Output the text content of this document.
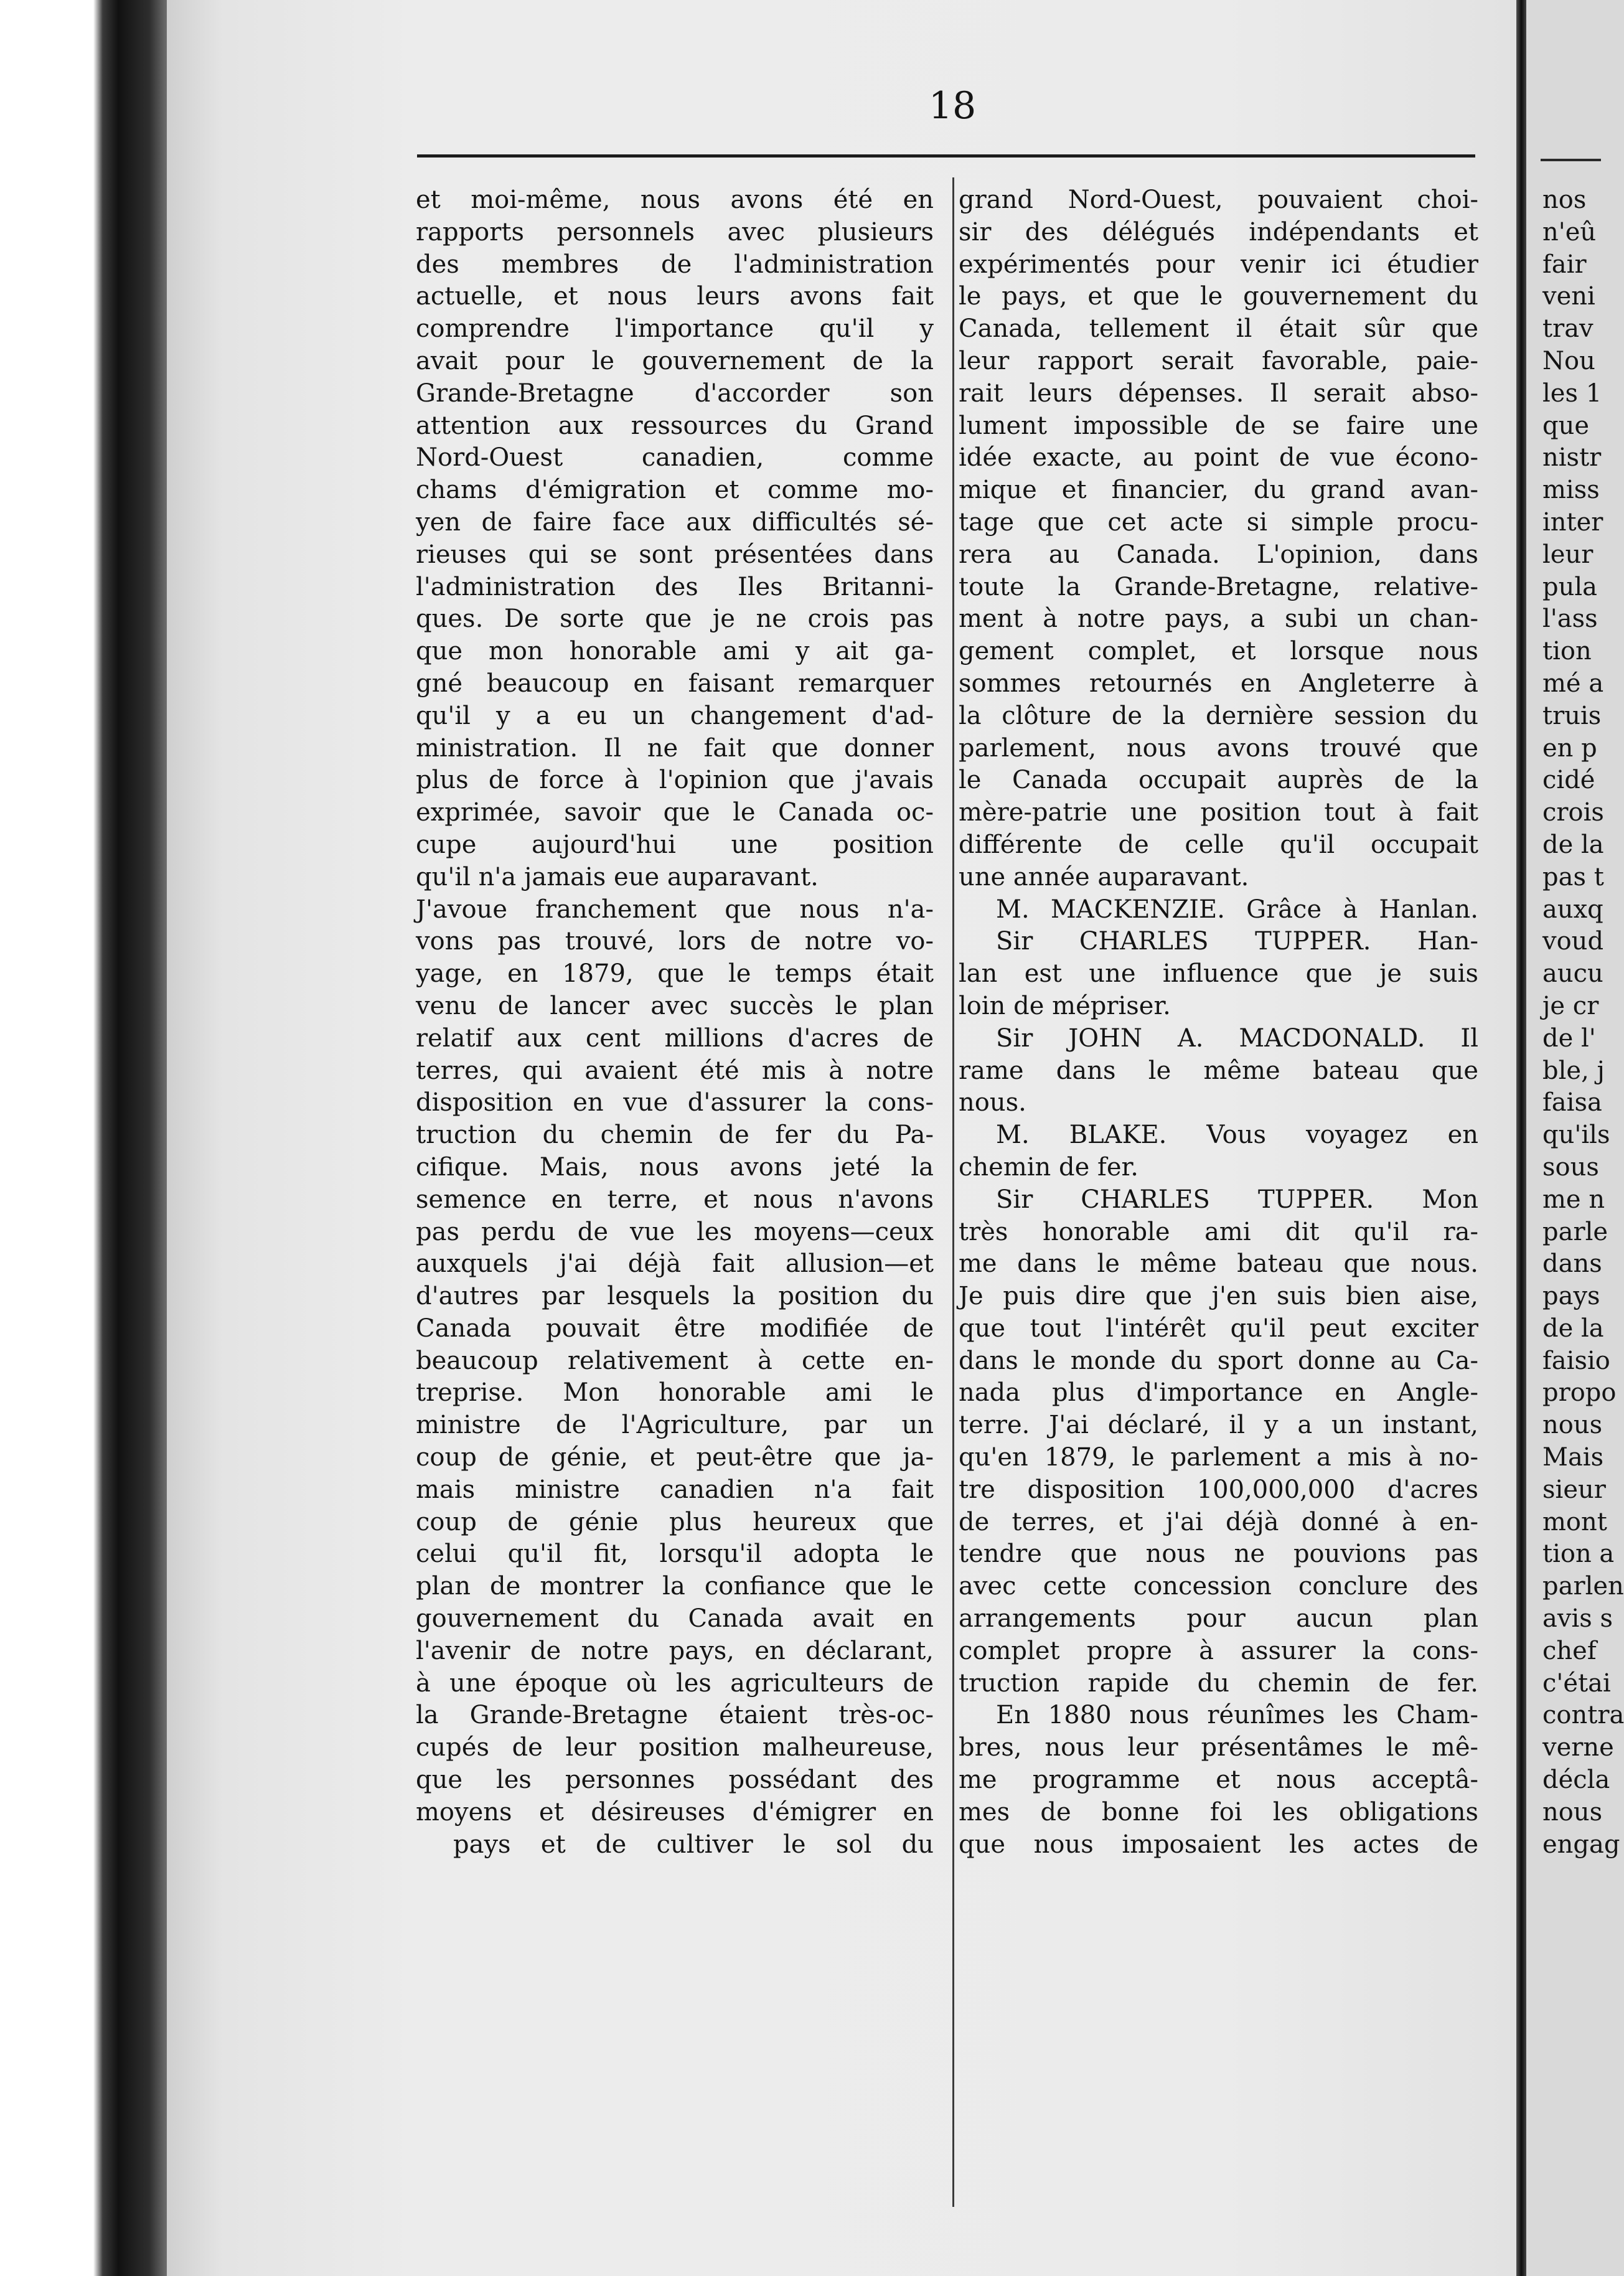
18
et moi-même, nous avons été en
rapports personnels avec plusieurs
des membres de l'administration
actuelle, et nous leurs avons fait
comprendre l'importance qu'il y
avait pour le gouvernement de la
Grande-Bretagne d'accorder son
attention aux ressources du Grand
Nord-Ouest canadien, comme
chams d'émigration et comme mo-
yen de faire face aux difficultés sé-
rieuses qui se sont présentées dans
l'administration des Iles Britanni-
ques. De sorte que je ne crois pas
que mon honorable ami y ait ga-
gné beaucoup en faisant remarquer
qu'il y a eu un changement d'ad-
ministration. Il ne fait que donner
plus de force à l'opinion que j'avais
exprimée, savoir que le Canada oc-
cupe aujourd'hui une position
qu'il n'a jamais eue auparavant.
J'avoue franchement que nous n'a-
vons pas trouvé, lors de notre vo-
yage, en 1879, que le temps était
venu de lancer avec succès le plan
relatif aux cent millions d'acres de
terres, qui avaient été mis à notre
disposition en vue d'assurer la cons-
truction du chemin de fer du Pa-
cifique. Mais, nous avons jeté la
semence en terre, et nous n'avons
pas perdu de vue les moyens—ceux
auxquels j'ai déjà fait allusion—et
d'autres par lesquels la position du
Canada pouvait être modifiée de
beaucoup relativement à cette en-
treprise. Mon honorable ami le
ministre de l'Agriculture, par un
coup de génie, et peut-être que ja-
mais ministre canadien n'a fait
coup de génie plus heureux que
celui qu'il fit, lorsqu'il adopta le
plan de montrer la confiance que le
gouvernement du Canada avait en
l'avenir de notre pays, en déclarant,
à une époque où les agriculteurs de
la Grande-Bretagne étaient très-oc-
cupés de leur position malheureuse,
que les personnes possédant des
moyens et désireuses d'émigrer en
pays et de cultiver le sol du
grand Nord-Ouest, pouvaient choi-
sir des délégués indépendants et
expérimentés pour venir ici étudier
le pays, et que le gouvernement du
Canada, tellement il était sûr que
leur rapport serait favorable, paie-
rait leurs dépenses. Il serait abso-
lument impossible de se faire une
idée exacte, au point de vue écono-
mique et financier, du grand avan-
tage que cet acte si simple procu-
rera au Canada. L'opinion, dans
toute la Grande-Bretagne, relative-
ment à notre pays, a subi un chan-
gement complet, et lorsque nous
sommes retournés en Angleterre à
la clôture de la dernière session du
parlement, nous avons trouvé que
le Canada occupait auprès de la
mère-patrie une position tout à fait
différente de celle qu'il occupait
une année auparavant.
M. MACKENZIE. Grâce à Hanlan.
Sir CHARLES TUPPER. Han-
lan est une influence que je suis
loin de mépriser.
Sir JOHN A. MACDONALD. Il
rame dans le même bateau que
nous.
M. BLAKE. Vous voyagez en
chemin de fer.
Sir CHARLES TUPPER. Mon
très honorable ami dit qu'il ra-
me dans le même bateau que nous.
Je puis dire que j'en suis bien aise,
que tout l'intérêt qu'il peut exciter
dans le monde du sport donne au Ca-
nada plus d'importance en Angle-
terre. J'ai déclaré, il y a un instant,
qu'en 1879, le parlement a mis à no-
tre disposition 100,000,000 d'acres
de terres, et j'ai déjà donné à en-
tendre que nous ne pouvions pas
avec cette concession conclure des
arrangements pour aucun plan
complet propre à assurer la cons-
truction rapide du chemin de fer.
En 1880 nous réunîmes les Cham-
bres, nous leur présentâmes le mê-
me programme et nous acceptâ-
mes de bonne foi les obligations
que nous imposaient les actes de
nos
n'eû
fair
veni
trav
Nou
les 1
que
nistr
miss
inter
leur
pula
l'ass
tion
mé a
truis
en p
cidé
crois
de la
pas t
auxq
voud
aucu
je cr
de l'
ble, j
faisa
qu'ils
sous
me n
parle
dans
pays
de la
faisio
propo
nous
Mais
sieur
mont
tion a
parlen
avis s
chef
c'étai
contra
verne
décla
nous
engag
